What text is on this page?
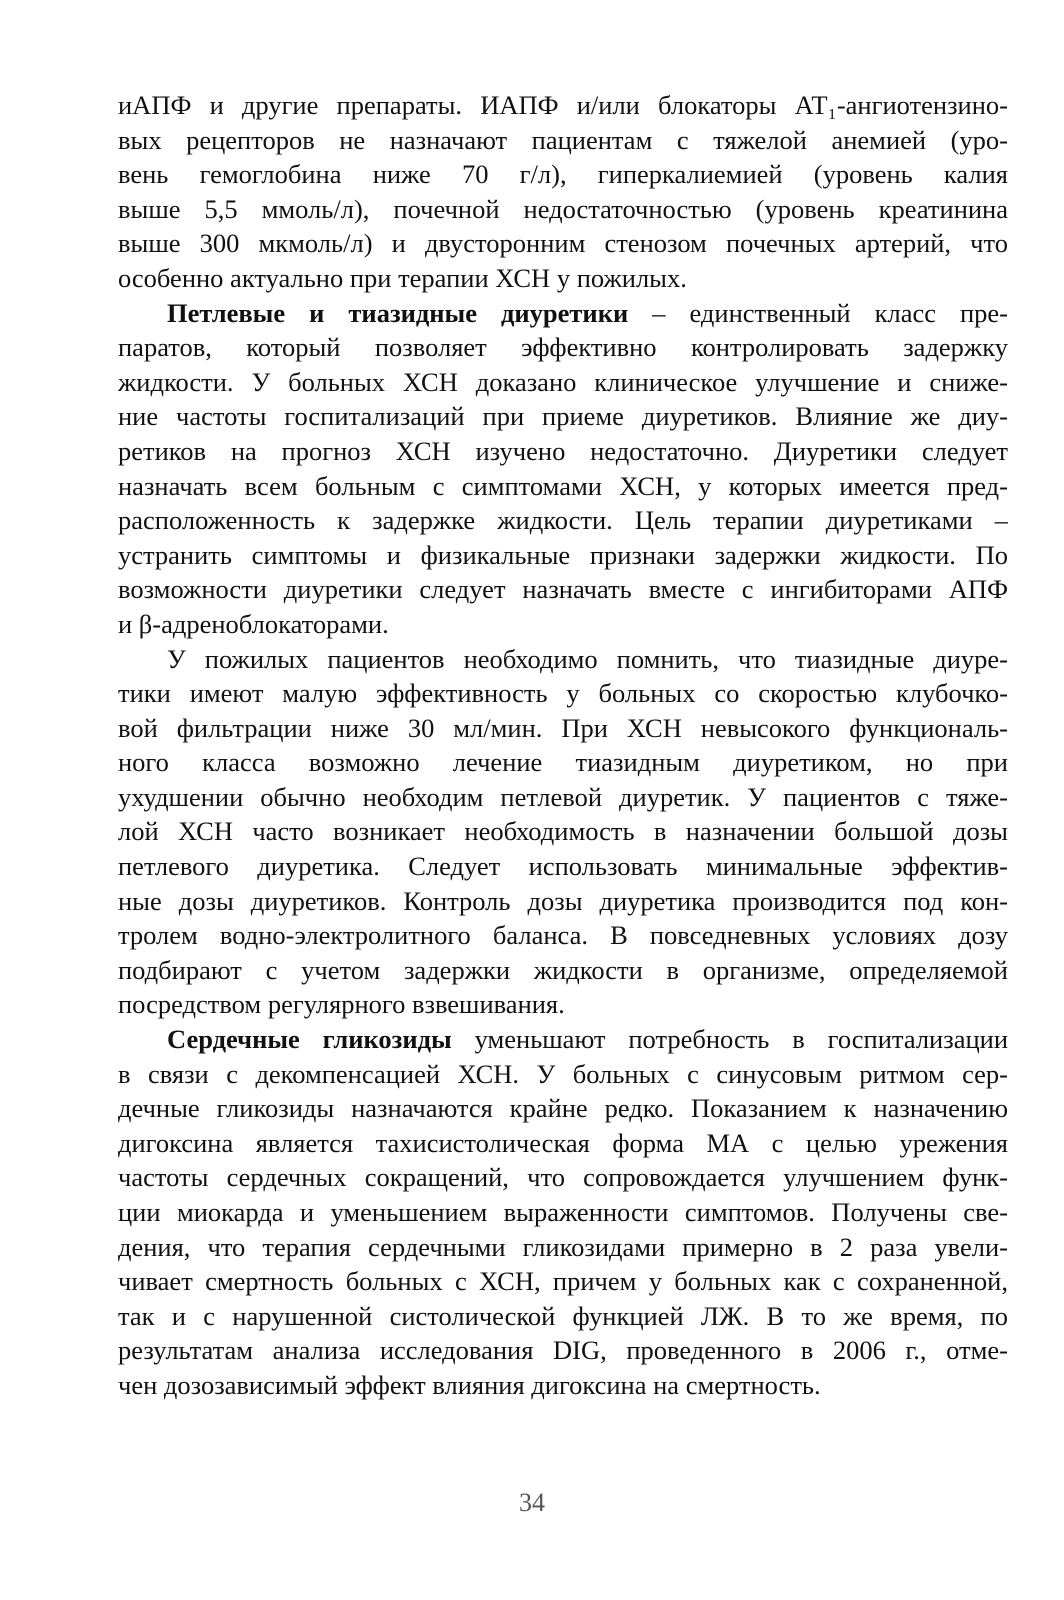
иАПФ и другие препараты. ИАПФ и/или блокаторы АТ₁-ангиотензино-
вых рецепторов не назначают пациентам с тяжелой анемией (уро-
вень гемоглобина ниже 70 г/л), гиперкалиемией (уровень калия
выше 5,5 ммоль/л), почечной недостаточностью (уровень креатинина
выше 300 мкмоль/л) и двусторонним стенозом почечных артерий, что
особенно актуально при терапии ХСН у пожилых.
Петлевые и тиазидные диуретики – единственный класс пре-
паратов, который позволяет эффективно контролировать задержку
жидкости. У больных ХСН доказано клиническое улучшение и сниже-
ние частоты госпитализаций при приеме диуретиков. Влияние же диу-
ретиков на прогноз ХСН изучено недостаточно. Диуретики следует
назначать всем больным с симптомами ХСН, у которых имеется пред-
расположенность к задержке жидкости. Цель терапии диуретиками –
устранить симптомы и физикальные признаки задержки жидкости. По
возможности диуретики следует назначать вместе с ингибиторами АПФ
и β-адреноблокаторами.
У пожилых пациентов необходимо помнить, что тиазидные диуре-
тики имеют малую эффективность у больных со скоростью клубочко-
вой фильтрации ниже 30 мл/мин. При ХСН невысокого функциональ-
ного класса возможно лечение тиазидным диуретиком, но при
ухудшении обычно необходим петлевой диуретик. У пациентов с тяже-
лой ХСН часто возникает необходимость в назначении большой дозы
петлевого диуретика. Следует использовать минимальные эффектив-
ные дозы диуретиков. Контроль дозы диуретика производится под кон-
тролем водно-электролитного баланса. В повседневных условиях дозу
подбирают с учетом задержки жидкости в организме, определяемой
посредством регулярного взвешивания.
Сердечные гликозиды уменьшают потребность в госпитализации
в связи с декомпенсацией ХСН. У больных с синусовым ритмом сер-
дечные гликозиды назначаются крайне редко. Показанием к назначению
дигоксина является тахисистолическая форма МА с целью урежения
частоты сердечных сокращений, что сопровождается улучшением функ-
ции миокарда и уменьшением выраженности симптомов. Получены све-
дения, что терапия сердечными гликозидами примерно в 2 раза увели-
чивает смертность больных с ХСН, причем у больных как с сохраненной,
так и с нарушенной систолической функцией ЛЖ. В то же время, по
результатам анализа исследования DIG, проведенного в 2006 г., отме-
чен дозозависимый эффект влияния дигоксина на смертность.
34
